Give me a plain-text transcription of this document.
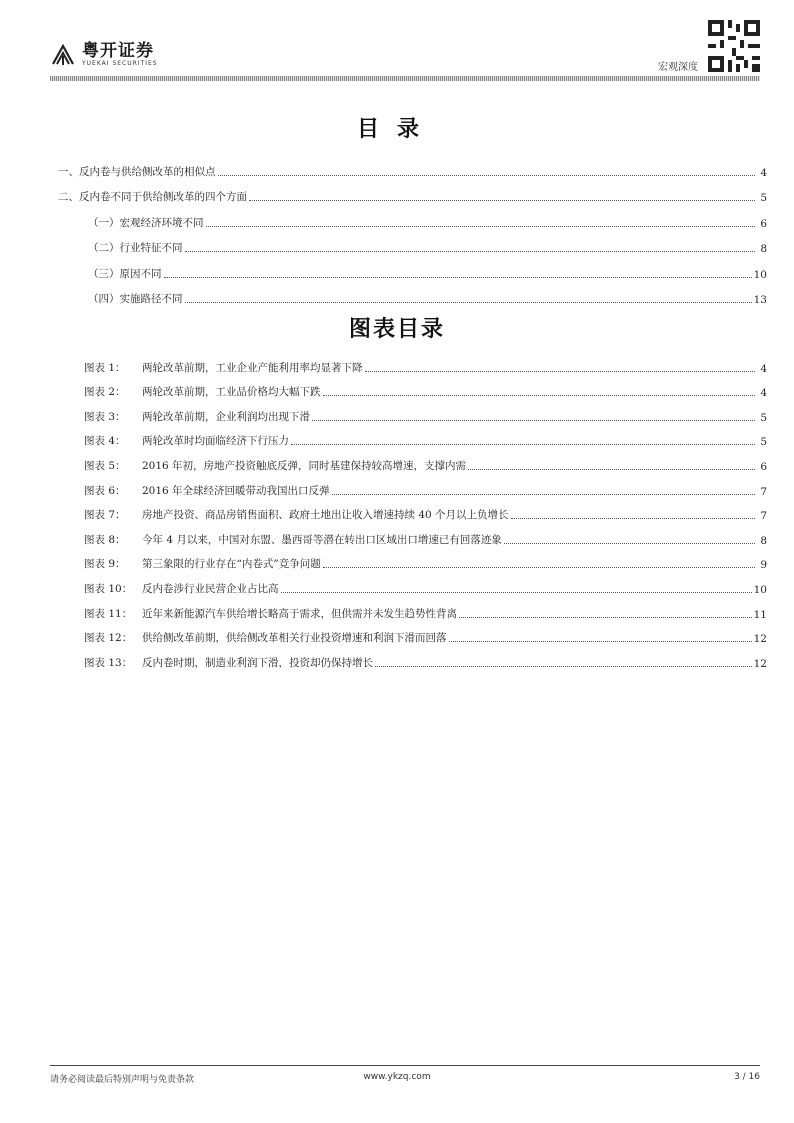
粤开证券
YUEKAI SECURITIES	宏观深度
目录
一、反内卷与供给侧改革的相似点	4
二、反内卷不同于供给侧改革的四个方面	5
（一）宏观经济环境不同	6
（二）行业特征不同	8
（三）原因不同	10
（四）实施路径不同	13
图表目录
图表 1：	两轮改革前期，工业企业产能利用率均显著下降	4
图表 2：	两轮改革前期，工业品价格均大幅下跌	4
图表 3：	两轮改革前期，企业利润均出现下滑	5
图表 4：	两轮改革时均面临经济下行压力	5
图表 5：	2016 年初，房地产投资触底反弹，同时基建保持较高增速，支撑内需	6
图表 6：	2016 年全球经济回暖带动我国出口反弹	7
图表 7：	房地产投资、商品房销售面积、政府土地出让收入增速持续 40 个月以上负增长	7
图表 8：	今年 4 月以来，中国对东盟、墨西哥等潜在转出口区域出口增速已有回落迹象	8
图表 9：	第三象限的行业存在“内卷式”竞争问题	9
图表 10： 反内卷涉行业民营企业占比高	10
图表 11： 近年来新能源汽车供给增长略高于需求，但供需并未发生趋势性背离	11
图表 12： 供给侧改革前期，供给侧改革相关行业投资增速和利润下滑而回落	12
图表 13： 反内卷时期，制造业利润下滑，投资却仍保持增长	12
请务必阅读最后特别声明与免责条款	www.ykzq.com	3 / 16
